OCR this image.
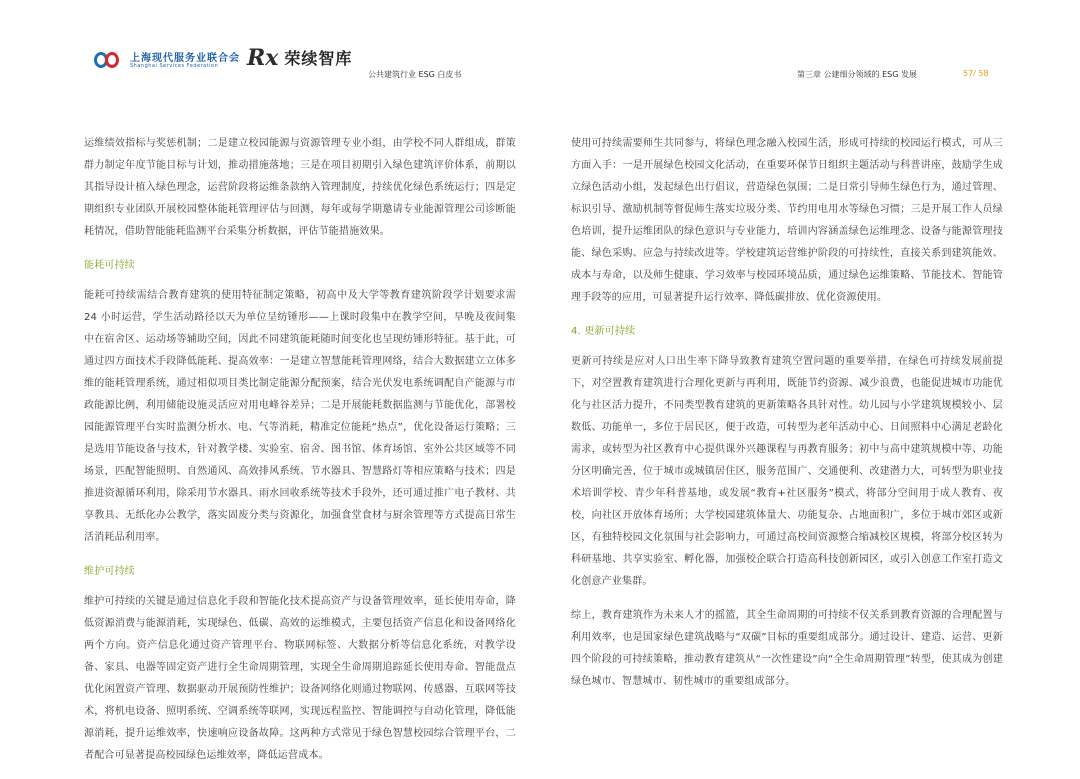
上海现代服务业联合会
Shanghai Services Federation	Rx 荣续智库
公共建筑行业 ESG 白皮书	第三章 公建细分领域的 ESG 发展	57/ 58

运维绩效指标与奖惩机制；二是建立校园能源与资源管理专业小组，由学校不同人群组成，群策群力制定年度节能目标与计划，推动措施落地；三是在项目初期引入绿色建筑评价体系，前期以其指导设计植入绿色理念，运营阶段将运维条款纳入管理制度，持续优化绿色系统运行；四是定期组织专业团队开展校园整体能耗管理评估与回测，每年或每学期邀请专业能源管理公司诊断能耗情况，借助智能能耗监测平台采集分析数据，评估节能措施效果。

能耗可持续

能耗可持续需结合教育建筑的使用特征制定策略，初高中及大学等教育建筑阶段学计划要求需 24 小时运营，学生活动路径以天为单位呈纺锤形——上课时段集中在教学空间，早晚及夜间集中在宿舍区、运动场等辅助空间，因此不同建筑能耗随时间变化也呈现纺锤形特征。基于此，可通过四方面技术手段降低能耗、提高效率：一是建立智慧能耗管理网络，结合大数据建立立体多维的能耗管理系统，通过相似项目类比制定能源分配预案，结合光伏发电系统调配自产能源与市政能源比例，利用储能设施灵活应对用电峰谷差异；二是开展能耗数据监测与节能优化，部署校园能源管理平台实时监测分析水、电、气等消耗，精准定位能耗“热点”，优化设备运行策略；三是选用节能设备与技术，针对教学楼、实验室、宿舍、图书馆、体育场馆、室外公共区域等不同场景，匹配智能照明、自然通风、高效排风系统、节水器具、智慧路灯等相应策略与技术；四是推进资源循环利用，除采用节水器具、雨水回收系统等技术手段外，还可通过推广电子教材、共享教具、无纸化办公教学，落实固废分类与资源化，加强食堂食材与厨余管理等方式提高日常生活消耗品利用率。

维护可持续

维护可持续的关键是通过信息化手段和智能化技术提高资产与设备管理效率，延长使用寿命，降低资源消费与能源消耗，实现绿色、低碳、高效的运维模式，主要包括资产信息化和设备网络化两个方向。资产信息化通过资产管理平台、物联网标签、大数据分析等信息化系统，对教学设备、家具、电器等固定资产进行全生命周期管理，实现全生命周期追踪延长使用寿命、智能盘点优化闲置资产管理、数据驱动开展预防性维护；设备网络化则通过物联网、传感器、互联网等技术，将机电设备、照明系统、空调系统等联网，实现远程监控、智能调控与自动化管理，降低能源消耗，提升运维效率，快速响应设备故障。这两种方式常见于绿色智慧校园综合管理平台，二者配合可显著提高校园绿色运维效率，降低运营成本。

使用可持续需要师生共同参与，将绿色理念融入校园生活，形成可持续的校园运行模式，可从三方面入手：一是开展绿色校园文化活动，在重要环保节日组织主题活动与科普讲座，鼓励学生成立绿色活动小组，发起绿色出行倡议，营造绿色氛围；二是日常引导师生绿色行为，通过管理、标识引导、激励机制等督促师生落实垃圾分类、节约用电用水等绿色习惯；三是开展工作人员绿色培训，提升运维团队的绿色意识与专业能力，培训内容涵盖绿色运维理念、设备与能源管理技能、绿色采购、应急与持续改进等。学校建筑运营维护阶段的可持续性，直接关系到建筑能效、成本与寿命，以及师生健康、学习效率与校园环境品质，通过绿色运维策略、节能技术、智能管理手段等的应用，可显著提升运行效率、降低碳排放、优化资源使用。

4. 更新可持续

更新可持续是应对人口出生率下降导致教育建筑空置问题的重要举措，在绿色可持续发展前提下，对空置教育建筑进行合理化更新与再利用，既能节约资源、减少浪费，也能促进城市功能优化与社区活力提升，不同类型教育建筑的更新策略各具针对性。幼儿园与小学建筑规模较小、层数低、功能单一，多位于居民区，便于改造，可转型为老年活动中心、日间照料中心满足老龄化需求，或转型为社区教育中心提供课外兴趣课程与再教育服务；初中与高中建筑规模中等、功能分区明确完善，位于城市或城镇居住区，服务范围广、交通便利、改建潜力大，可转型为职业技术培训学校、青少年科普基地，或发展“教育+社区服务”模式，将部分空间用于成人教育、夜校，向社区开放体育场所；大学校园建筑体量大、功能复杂、占地面积广，多位于城市郊区或新区，有独特校园文化氛围与社会影响力，可通过高校间资源整合缩减校区规模，将部分校区转为科研基地、共享实验室、孵化器，加强校企联合打造高科技创新园区，或引入创意工作室打造文化创意产业集群。

综上，教育建筑作为未来人才的摇篮，其全生命周期的可持续不仅关系到教育资源的合理配置与利用效率，也是国家绿色建筑战略与“双碳”目标的重要组成部分。通过设计、建造、运营、更新四个阶段的可持续策略，推动教育建筑从“一次性建设”向“全生命周期管理”转型，使其成为创建绿色城市、智慧城市、韧性城市的重要组成部分。
